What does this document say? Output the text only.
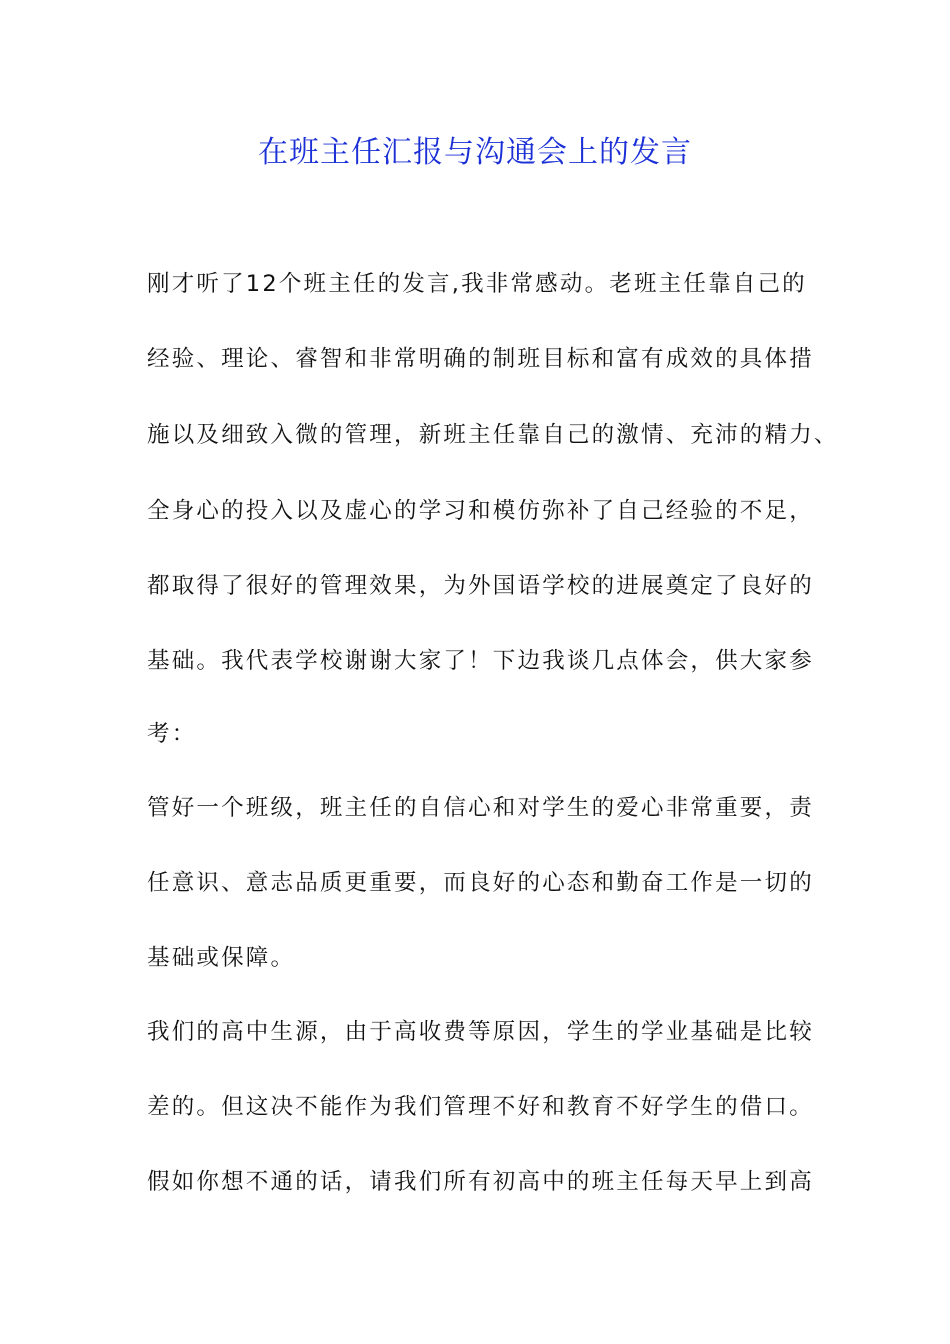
在班主任汇报与沟通会上的发言
刚才听了12个班主任的发言,我非常感动。老班主任靠自己的
经验、理论、睿智和非常明确的制班目标和富有成效的具体措
施以及细致入微的管理，新班主任靠自己的激情、充沛的精力、
全身心的投入以及虚心的学习和模仿弥补了自己经验的不足，
都取得了很好的管理效果，为外国语学校的进展奠定了良好的
基础。我代表学校谢谢大家了！下边我谈几点体会，供大家参
考：
管好一个班级，班主任的自信心和对学生的爱心非常重要，责
任意识、意志品质更重要，而良好的心态和勤奋工作是一切的
基础或保障。
我们的高中生源，由于高收费等原因，学生的学业基础是比较
差的。但这决不能作为我们管理不好和教育不好学生的借口。
假如你想不通的话，请我们所有初高中的班主任每天早上到高
